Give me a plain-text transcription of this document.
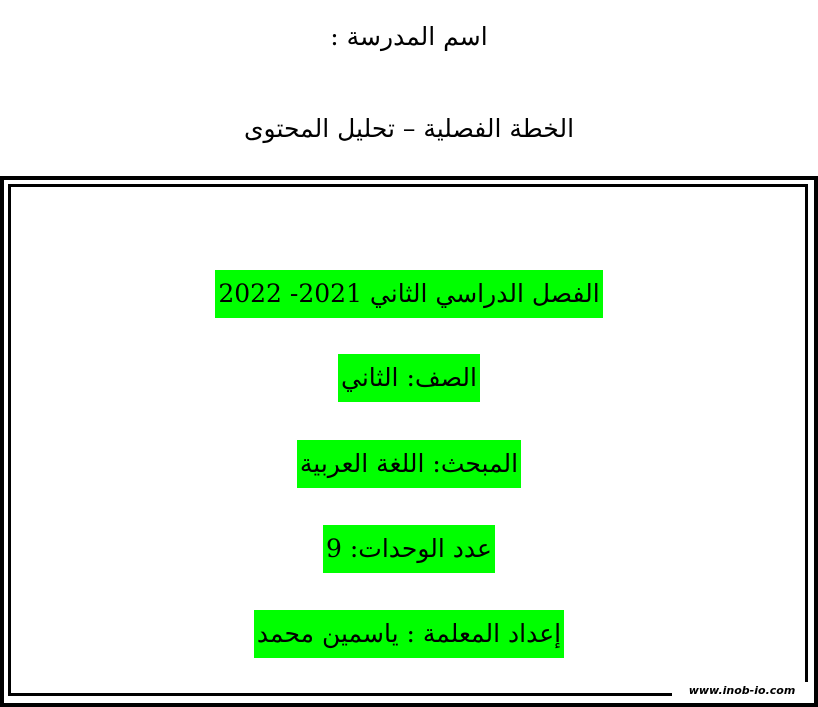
اسم المدرسة :
الخطة الفصلية – تحليل المحتوى
الفصل الدراسي الثاني 2021- 2022
الصف: الثاني
المبحث: اللغة العربية
عدد الوحدات: 9
إعداد المعلمة : ياسمين محمد
www.inob-io.com
